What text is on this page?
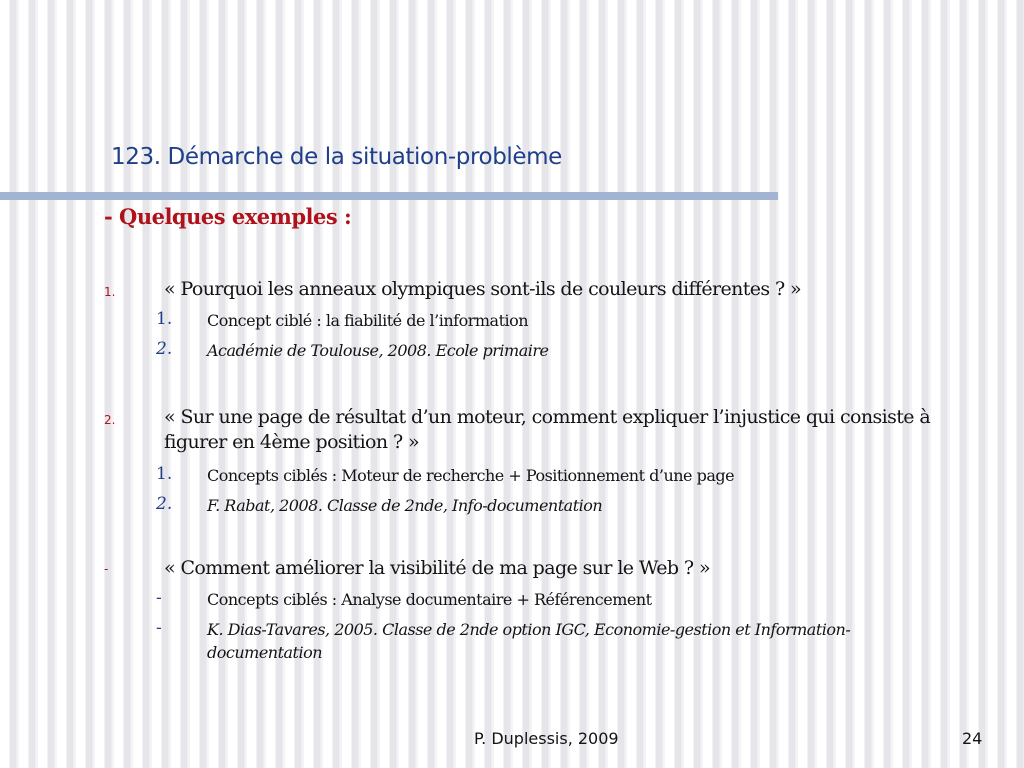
123. Démarche de la situation-problème
- Quelques exemples :
1.	« Pourquoi les anneaux olympiques sont-ils de couleurs différentes ? »
1. Concept ciblé : la fiabilité de l’information
2. Académie de Toulouse, 2008. Ecole primaire
2.	« Sur une page de résultat d’un moteur, comment expliquer l’injustice qui consiste à figurer en 4ème position ? »
1. Concepts ciblés : Moteur de recherche + Positionnement d’une page
2. F. Rabat, 2008. Classe de 2nde, Info-documentation
-	« Comment améliorer la visibilité de ma page sur le Web ? »
-	Concepts ciblés : Analyse documentaire + Référencement
-	K. Dias-Tavares, 2005. Classe de 2nde option IGC, Economie-gestion et Information-documentation
P. Duplessis, 2009	24
